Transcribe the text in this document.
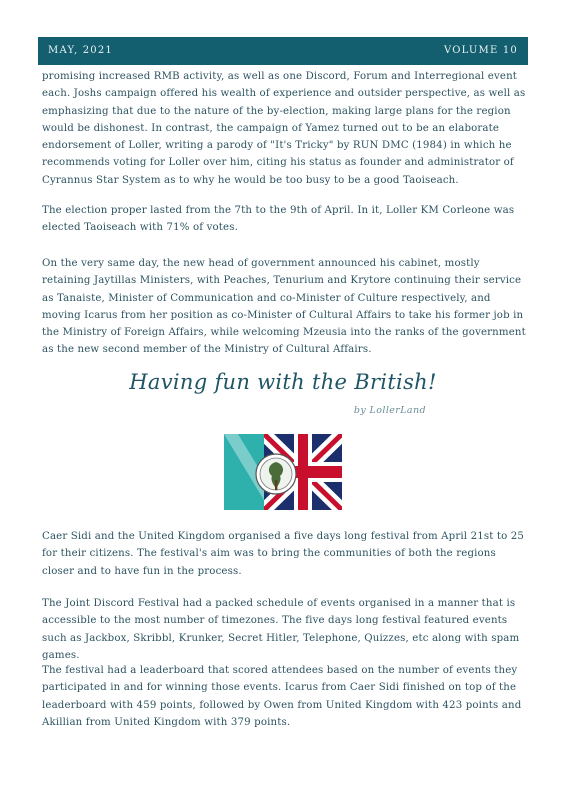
MAY, 2021	VOLUME 10

promising increased RMB activity, as well as one Discord, Forum and Interregional event each. Joshs campaign offered his wealth of experience and outsider perspective, as well as emphasizing that due to the nature of the by-election, making large plans for the region would be dishonest. In contrast, the campaign of Yamez turned out to be an elaborate endorsement of Loller, writing a parody of "It's Tricky" by RUN DMC (1984) in which he recommends voting for Loller over him, citing his status as founder and administrator of Cyrannus Star System as to why he would be too busy to be a good Taoiseach.

The election proper lasted from the 7th to the 9th of April. In it, Loller KM Corleone was elected Taoiseach with 71% of votes.

On the very same day, the new head of government announced his cabinet, mostly retaining Jaytillas Ministers, with Peaches, Tenurium and Krytore continuing their service as Tanaiste, Minister of Communication and co-Minister of Culture respectively, and moving Icarus from her position as co-Minister of Cultural Affairs to take his former job in the Ministry of Foreign Affairs, while welcoming Mzeusia into the ranks of the government as the new second member of the Ministry of Cultural Affairs.

Having fun with the British!
by LollerLand

Caer Sidi and the United Kingdom organised a five days long festival from April 21st to 25 for their citizens. The festival's aim was to bring the communities of both the regions closer and to have fun in the process.

The Joint Discord Festival had a packed schedule of events organised in a manner that is accessible to the most number of timezones. The five days long festival featured events such as Jackbox, Skribbl, Krunker, Secret Hitler, Telephone, Quizzes, etc along with spam games.

The festival had a leaderboard that scored attendees based on the number of events they participated in and for winning those events. Icarus from Caer Sidi finished on top of the leaderboard with 459 points, followed by Owen from United Kingdom with 423 points and Akillian from United Kingdom with 379 points.
